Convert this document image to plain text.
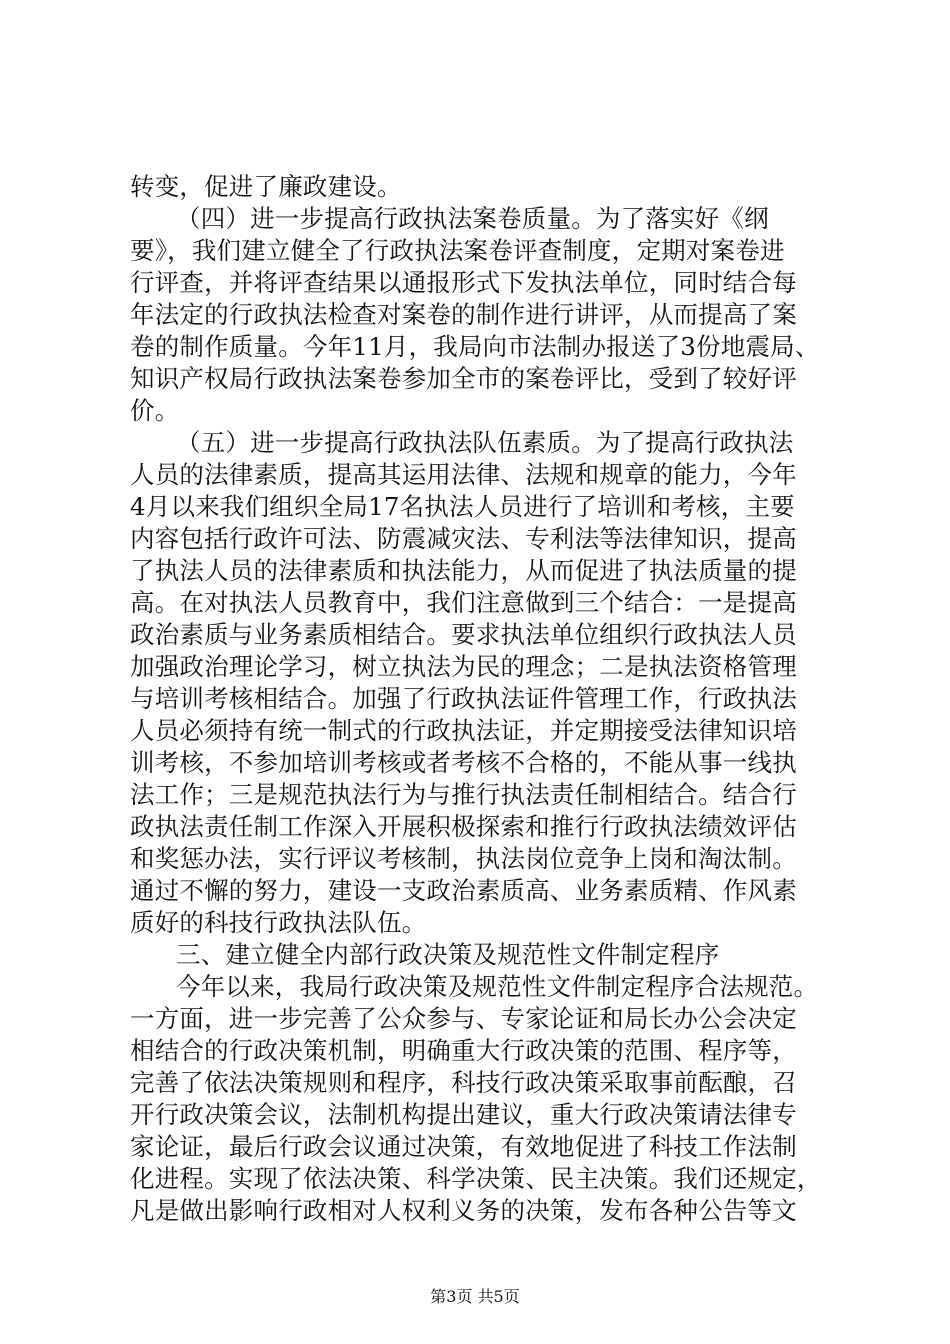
转变，促进了廉政建设。
（四）进一步提高行政执法案卷质量。为了落实好《纲
要》，我们建立健全了行政执法案卷评查制度，定期对案卷进
行评查，并将评查结果以通报形式下发执法单位，同时结合每
年法定的行政执法检查对案卷的制作进行讲评，从而提高了案
卷的制作质量。今年11月，我局向市法制办报送了3份地震局、
知识产权局行政执法案卷参加全市的案卷评比，受到了较好评
价。
（五）进一步提高行政执法队伍素质。为了提高行政执法
人员的法律素质，提高其运用法律、法规和规章的能力，今年
4月以来我们组织全局17名执法人员进行了培训和考核，主要
内容包括行政许可法、防震减灾法、专利法等法律知识，提高
了执法人员的法律素质和执法能力，从而促进了执法质量的提
高。在对执法人员教育中，我们注意做到三个结合：一是提高
政治素质与业务素质相结合。要求执法单位组织行政执法人员
加强政治理论学习，树立执法为民的理念；二是执法资格管理
与培训考核相结合。加强了行政执法证件管理工作，行政执法
人员必须持有统一制式的行政执法证，并定期接受法律知识培
训考核，不参加培训考核或者考核不合格的，不能从事一线执
法工作；三是规范执法行为与推行执法责任制相结合。结合行
政执法责任制工作深入开展积极探索和推行行政执法绩效评估
和奖惩办法，实行评议考核制，执法岗位竞争上岗和淘汰制。
通过不懈的努力，建设一支政治素质高、业务素质精、作风素
质好的科技行政执法队伍。
三、建立健全内部行政决策及规范性文件制定程序
今年以来，我局行政决策及规范性文件制定程序合法规范。
一方面，进一步完善了公众参与、专家论证和局长办公会决定
相结合的行政决策机制，明确重大行政决策的范围、程序等，
完善了依法决策规则和程序，科技行政决策采取事前酝酿，召
开行政决策会议，法制机构提出建议，重大行政决策请法律专
家论证，最后行政会议通过决策，有效地促进了科技工作法制
化进程。实现了依法决策、科学决策、民主决策。我们还规定，
凡是做出影响行政相对人权利义务的决策，发布各种公告等文
第3页 共5页
